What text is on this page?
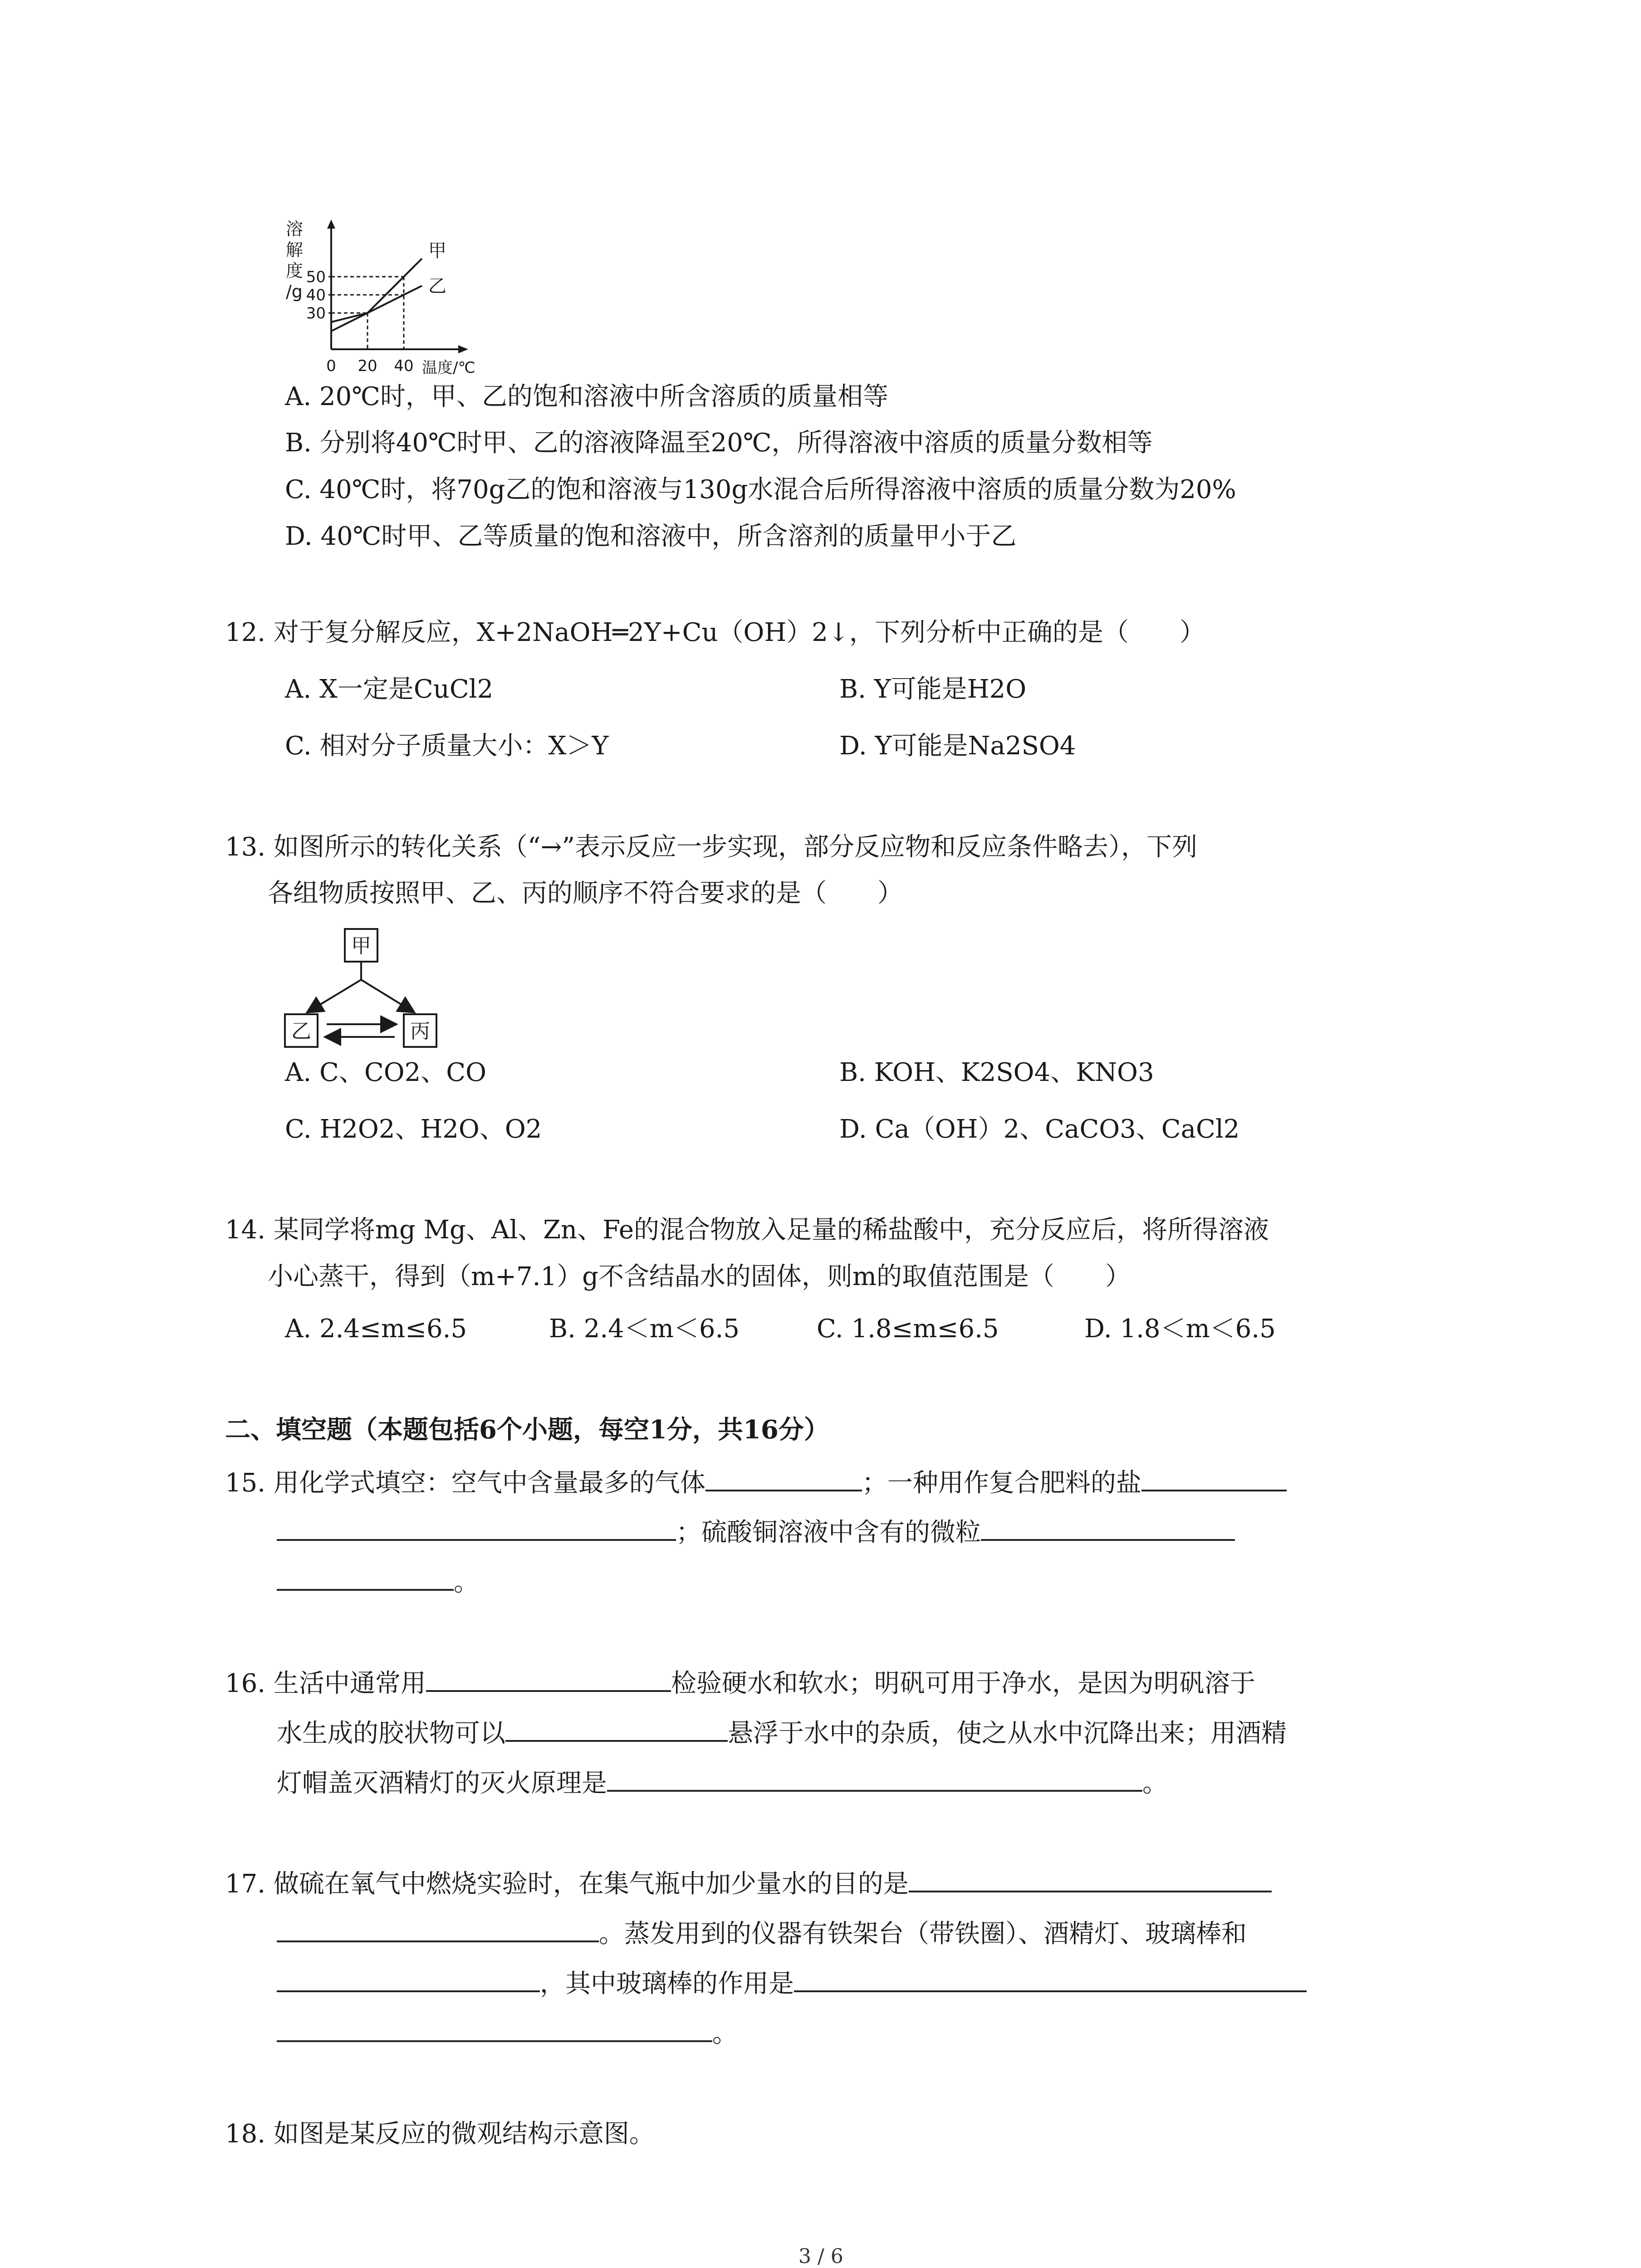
溶
解
度
/g
50
40
30
0 20 40 温度/℃
甲
乙
A. 20℃时，甲、乙的饱和溶液中所含溶质的质量相等
B. 分别将40℃时甲、乙的溶液降温至20℃，所得溶液中溶质的质量分数相等
C. 40℃时，将70g乙的饱和溶液与130g水混合后所得溶液中溶质的质量分数为20%
D. 40℃时甲、乙等质量的饱和溶液中，所含溶剂的质量甲小于乙
12. 对于复分解反应，X+2NaOH═2Y+Cu（OH）2↓，下列分析中正确的是（　　）
A. X一定是CuCl2	B. Y可能是H2O
C. 相对分子质量大小：X＞Y	D. Y可能是Na2SO4
13. 如图所示的转化关系（“→”表示反应一步实现，部分反应物和反应条件略去），下列
各组物质按照甲、乙、丙的顺序不符合要求的是（　　）
甲
乙	丙
A. C、CO2、CO	B. KOH、K2SO4、KNO3
C. H2O2、H2O、O2	D. Ca（OH）2、CaCO3、CaCl2
14. 某同学将mg Mg、Al、Zn、Fe的混合物放入足量的稀盐酸中，充分反应后，将所得溶液
小心蒸干，得到（m+7.1）g不含结晶水的固体，则m的取值范围是（　　）
A. 2.4≤m≤6.5	B. 2.4＜m＜6.5	C. 1.8≤m≤6.5	D. 1.8＜m＜6.5
二、填空题（本题包括6个小题，每空1分，共16分）
15. 用化学式填空：空气中含量最多的气体	；一种用作复合肥料的盐
；硫酸铜溶液中含有的微粒
。
16. 生活中通常用	检验硬水和软水；明矾可用于净水，是因为明矾溶于
水生成的胶状物可以	悬浮于水中的杂质，使之从水中沉降出来；用酒精
灯帽盖灭酒精灯的灭火原理是	。
17. 做硫在氧气中燃烧实验时，在集气瓶中加少量水的目的是
。蒸发用到的仪器有铁架台（带铁圈）、酒精灯、玻璃棒和
，其中玻璃棒的作用是
。
18. 如图是某反应的微观结构示意图。
3 / 6
